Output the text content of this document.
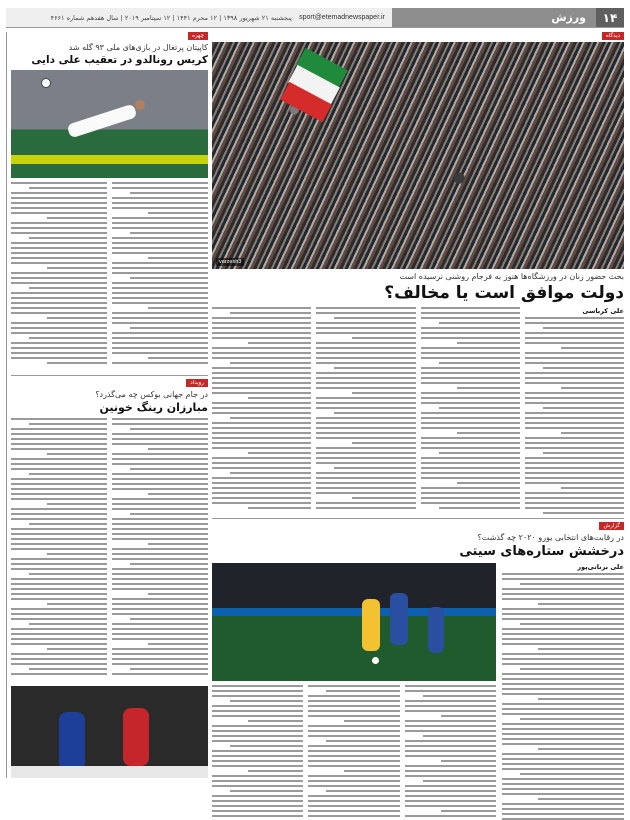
۱۴
ورزش
sport@etemadnewspaper.ir
پنجشنبه ۲۱ شهریور ۱۳۹۸ | ۱۲ محرم ۱۴۴۱ | ۱۲ سپتامبر ۲۰۱۹ | سال هفدهم شماره ۴۶۶۱
دیدگاه
varzesh3
بحث حضور زنان در ورزشگاه‌ها هنوز به فرجام روشنی نرسیده است
دولت موافق است یا مخالف؟
علی کرباسی
گزارش
در رقابت‌های انتخابی یورو ۲۰۲۰ چه گذشت؟
درخشش ستاره‌های سیتی
علی برناتی‌پور
چهره
کاپیتان پرتغال در بازی‌های ملی ۹۳ گله شد
کریس رونالدو در تعقیب علی دایی
رویداد
در جام جهانی بوکس چه می‌گذرد؟
مبارزان رینگ خونین
